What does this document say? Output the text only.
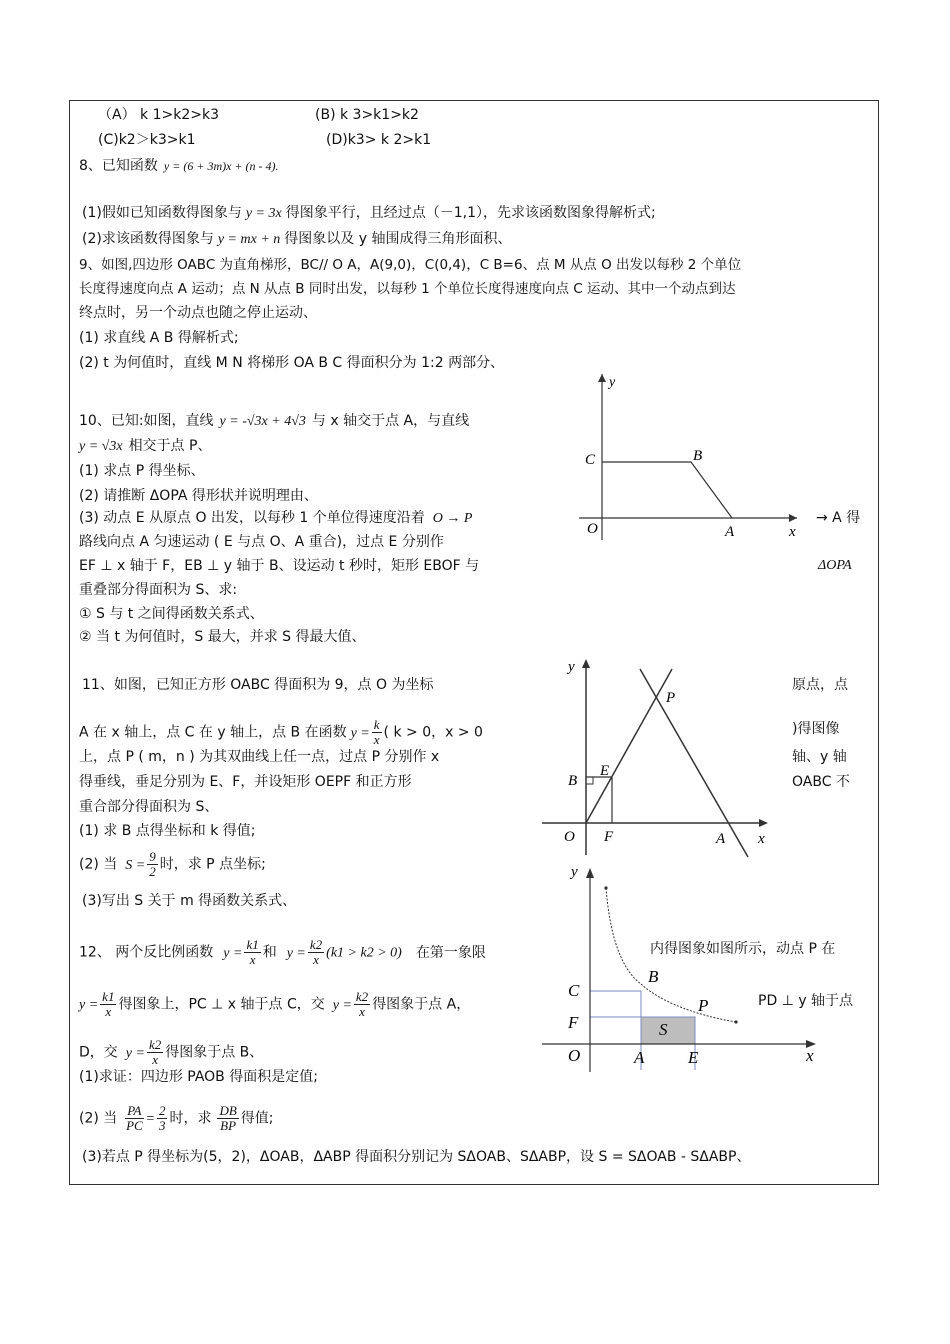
（A） k 1>k2>k3	(B) k 3>k1>k2
(C)k2＞k3>k1	(D)k3> k 2>k1
8、已知函数 y = (6 + 3m)x + (n - 4).
(1)假如已知函数得图象与 y = 3x 得图象平行，且经过点（－1,1），先求该函数图象得解析式;
(2)求该函数得图象与 y = mx + n 得图象以及 y 轴围成得三角形面积、
9、如图,四边形 OABC 为直角梯形，BC// O A，A(9,0)，C(0,4)，C B=6、点 M 从点 O 出发以每秒 2 个单位
长度得速度向点 A 运动；点 N 从点 B 同时出发，以每秒 1 个单位长度得速度向点 C 运动、其中一个动点到达
终点时，另一个动点也随之停止运动、
(1) 求直线 A B 得解析式;
(2) t 为何值时，直线 M N 将梯形 OA B C 得面积分为 1:2 两部分、
10、已知:如图，直线 y = -√3x + 4√3 与 x 轴交于点 A，与直线
y = √3x 相交于点 P、
(1) 求点 P 得坐标、
(2) 请推断 ΔOPA 得形状并说明理由、
(3) 动点 E 从原点 O 出发，以每秒 1 个单位得速度沿着 O → P	→ A 得
路线向点 A 匀速运动 ( E 与点 O、A 重合)，过点 E 分别作
EF ⊥ x 轴于 F，EB ⊥ y 轴于 B、设运动 t 秒时，矩形 EBOF 与	ΔOPA
重叠部分得面积为 S、求:
① S 与 t 之间得函数关系式、
② 当 t 为何值时，S 最大，并求 S 得最大值、
11、如图，已知正方形 OABC 得面积为 9，点 O 为坐标	原点，点
A 在 x 轴上，点 C 在 y 轴上，点 B 在函数 $y = \frac{k}{x}$ ( k > 0，x > 0	)得图像
上，点 P ( m，n ) 为其双曲线上任一点，过点 P 分别作 x	轴、y 轴
得垂线，垂足分别为 E、F，并设矩形 OEPF 和正方形	OABC 不
重合部分得面积为 S、
(1) 求 B 点得坐标和 k 得值;
(2) 当 $S = \frac{9}{2}$ 时，求 P 点坐标;
(3)写出 S 关于 m 得函数关系式、
12、 两个反比例函数 $y = \frac{k1}{x}$ 和 $y = \frac{k2}{x} (k1 > k2 > 0)$ 在第一象限	内得图象如图所示，动点 P 在
$y = \frac{k1}{x}$ 得图象上，PC ⊥ x 轴于点 C，交 $y = \frac{k2}{x}$ 得图象于点 A，	PD ⊥ y 轴于点
D，交 $y = \frac{k2}{x}$ 得图象于点 B、
(1)求证：四边形 PAOB 得面积是定值;
(2) 当 $\frac{PA}{PC} = \frac{2}{3}$ 时，求 $\frac{DB}{BP}$ 得值;
(3)若点 P 得坐标为(5，2)，ΔOAB，ΔABP 得面积分别记为 SΔOAB、SΔABP，设 S = SΔOAB - SΔABP、
y
C	B
O	A	x
y
P
B
E
O F	A x
y
B
C
P
F	S
O	A	E	x
